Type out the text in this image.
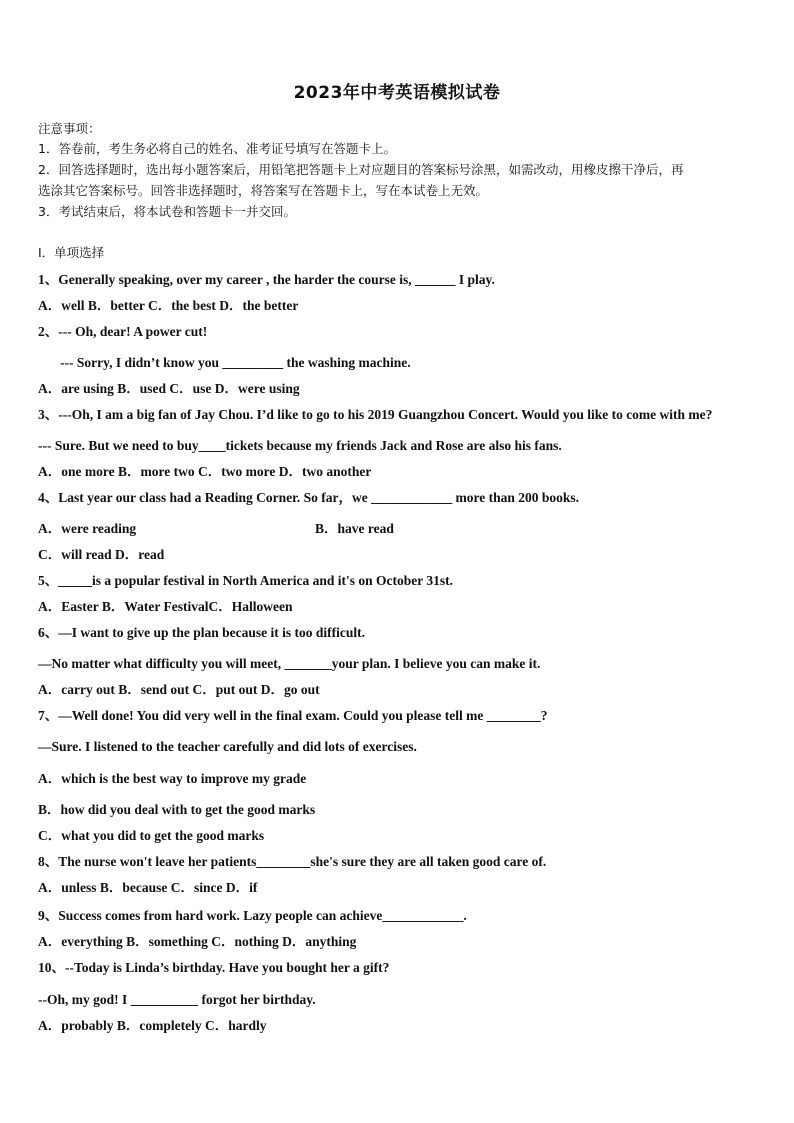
2023年中考英语模拟试卷
注意事项：
1．答卷前，考生务必将自己的姓名、准考证号填写在答题卡上。
2．回答选择题时，选出每小题答案后，用铅笔把答题卡上对应题目的答案标号涂黑，如需改动，用橡皮擦干净后，再
选涂其它答案标号。回答非选择题时，将答案写在答题卡上，写在本试卷上无效。
3．考试结束后，将本试卷和答题卡一并交回。
Ⅰ．单项选择
1、Generally speaking, over my career , the harder the course is, ______ I play.
A．well B．better C．the best D．the better
2、--- Oh, dear! A power cut!
--- Sorry, I didn’t know you _________ the washing machine.
A．are using B．used C．use D．were using
3、---Oh, I am a big fan of Jay Chou. I’d like to go to his 2019 Guangzhou Concert. Would you like to come with me?
--- Sure. But we need to buy____tickets because my friends Jack and Rose are also his fans.
A．one more B．more two C．two more D．two another
4、Last year our class had a Reading Corner. So far，we ____________ more than 200 books.
A．were reading	B．have read
C．will read D．read
5、_____is a popular festival in North America and it's on October 31st.
A．Easter B．Water FestivalC．Halloween
6、—I want to give up the plan because it is too difficult.
—No matter what difficulty you will meet, _______your plan. I believe you can make it.
A．carry out B．send out C．put out D．go out
7、—Well done! You did very well in the final exam. Could you please tell me ________?
—Sure. I listened to the teacher carefully and did lots of exercises.
A．which is the best way to improve my grade
B．how did you deal with to get the good marks
C．what you did to get the good marks
8、The nurse won't leave her patients________she's sure they are all taken good care of.
A．unless B．because C．since D．if
9、Success comes from hard work. Lazy people can achieve____________.
A．everything B．something C．nothing D．anything
10、--Today is Linda’s birthday. Have you bought her a gift?
--Oh, my god! I __________ forgot her birthday.
A．probably B．completely C．hardly
